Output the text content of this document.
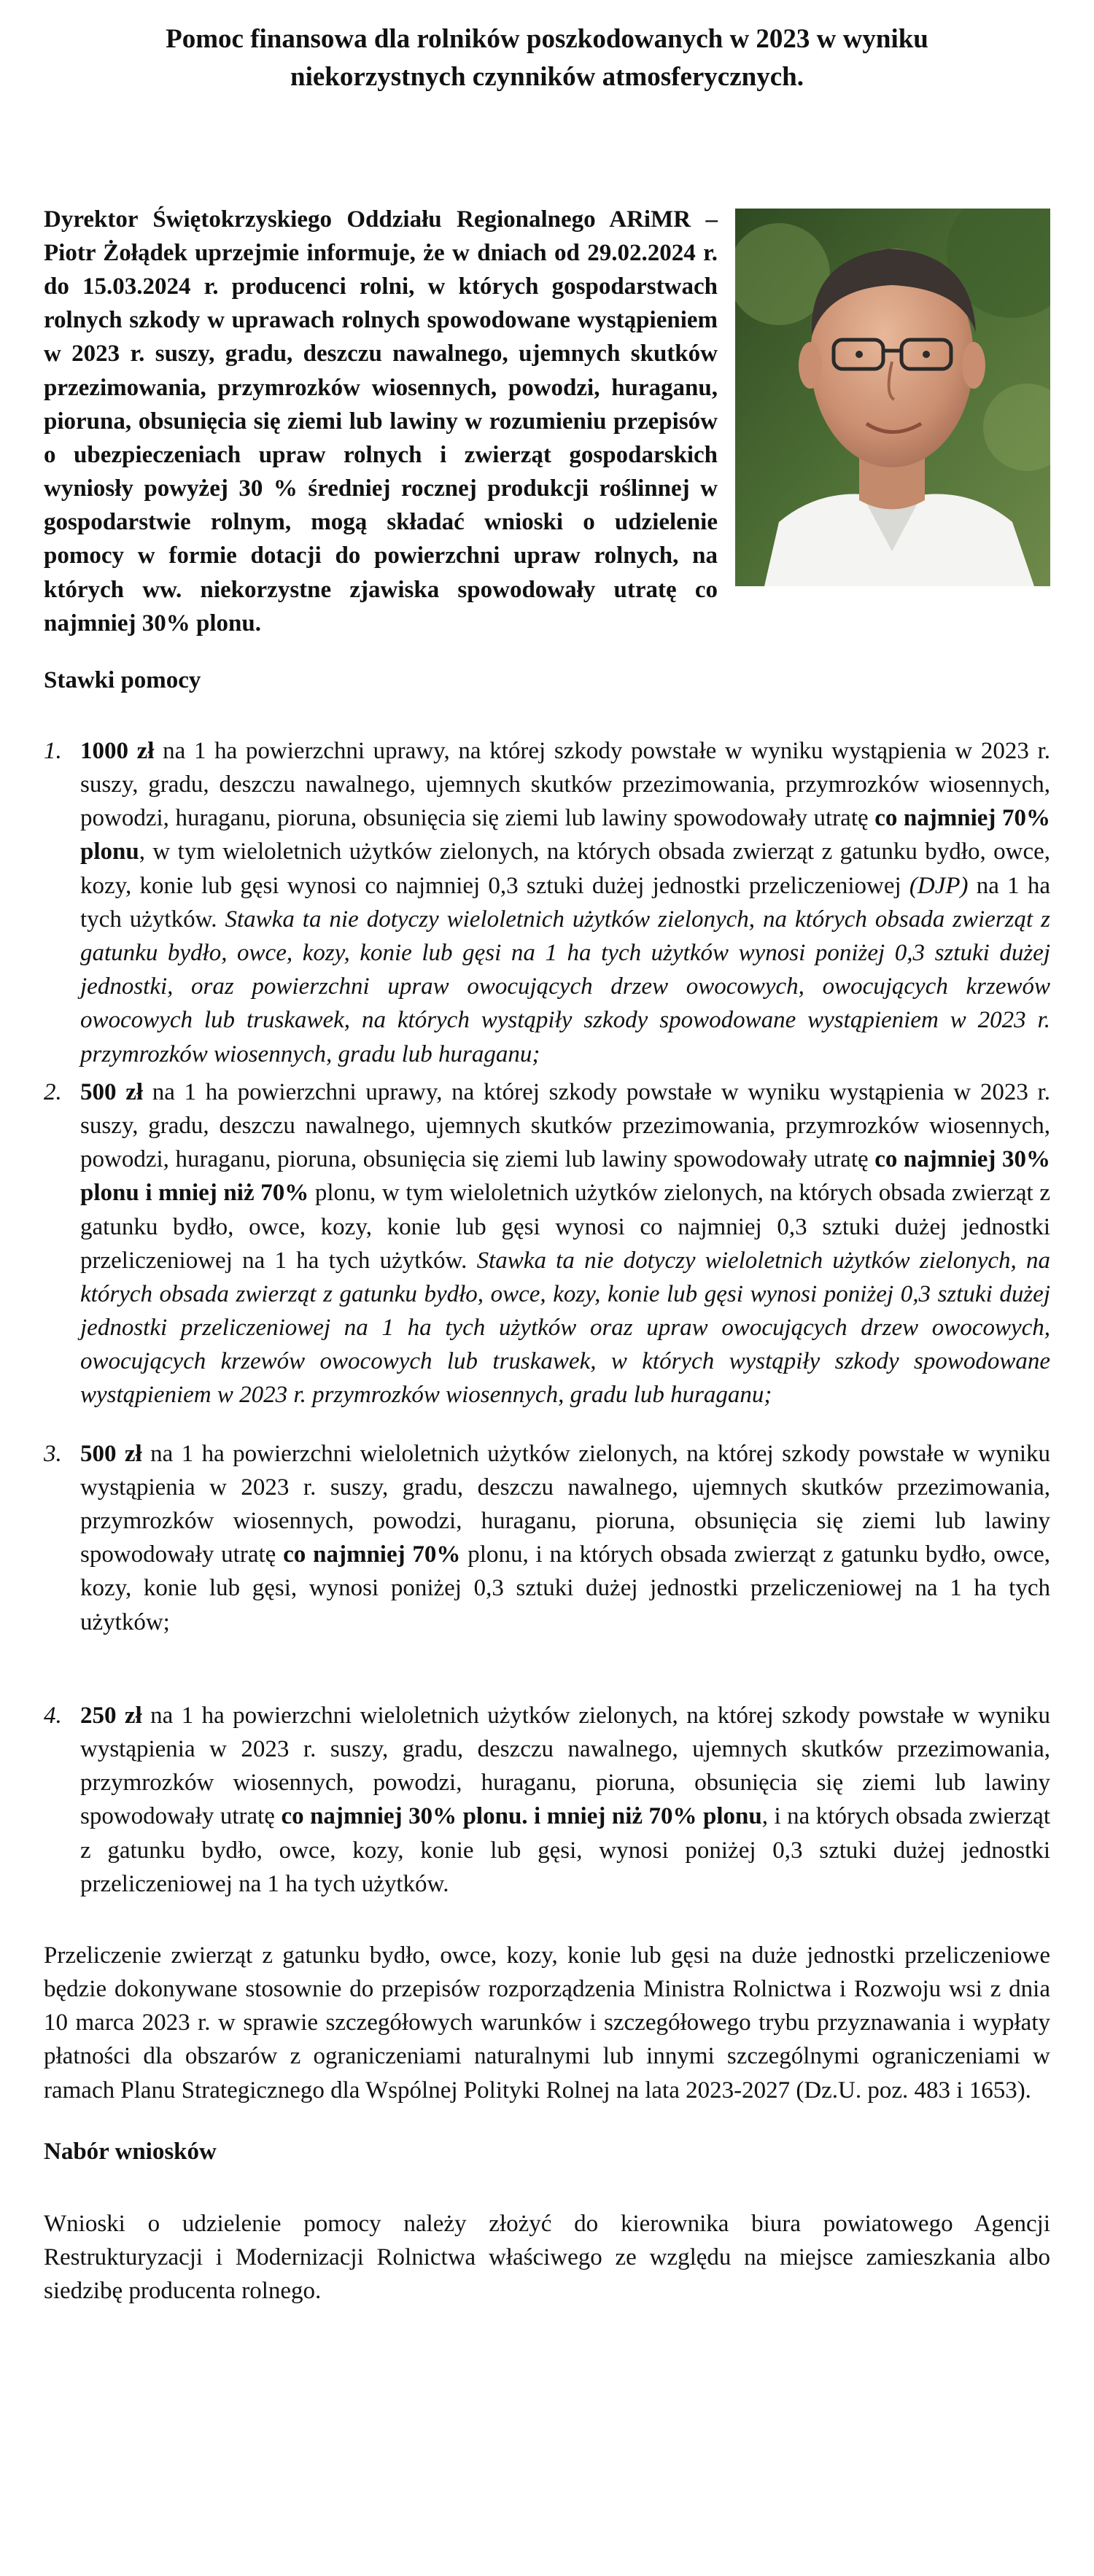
Pomoc finansowa dla rolników poszkodowanych w 2023 w wyniku niekorzystnych czynników atmosferycznych.

Dyrektor Świętokrzyskiego Oddziału Regionalnego ARiMR – Piotr Żołądek uprzejmie informuje, że w dniach od 29.02.2024 r. do 15.03.2024 r. producenci rolni, w których gospodarstwach rolnych szkody w uprawach rolnych spowodowane wystąpieniem w 2023 r. suszy, gradu, deszczu nawalnego, ujemnych skutków przezimowania, przymrozków wiosennych, powodzi, huraganu, pioruna, obsunięcia się ziemi lub lawiny w rozumieniu przepisów o ubezpieczeniach upraw rolnych i zwierząt gospodarskich wyniosły powyżej 30 % średniej rocznej produkcji roślinnej w gospodarstwie rolnym, mogą składać wnioski o udzielenie pomocy w formie dotacji do powierzchni upraw rolnych, na których ww. niekorzystne zjawiska spowodowały utratę co najmniej 30% plonu.

Stawki pomocy
1. 1000 zł na 1 ha powierzchni uprawy, na której szkody powstałe w wyniku wystąpienia w 2023 r. suszy, gradu, deszczu nawalnego, ujemnych skutków przezimowania, przymrozków wiosennych, powodzi, huraganu, pioruna, obsunięcia się ziemi lub lawiny spowodowały utratę co najmniej 70% plonu, w tym wieloletnich użytków zielonych, na których obsada zwierząt z gatunku bydło, owce, kozy, konie lub gęsi wynosi co najmniej 0,3 sztuki dużej jednostki przeliczeniowej (DJP) na 1 ha tych użytków. Stawka ta nie dotyczy wieloletnich użytków zielonych, na których obsada zwierząt z gatunku bydło, owce, kozy, konie lub gęsi na 1 ha tych użytków wynosi poniżej 0,3 sztuki dużej jednostki, oraz powierzchni upraw owocujących drzew owocowych, owocujących krzewów owocowych lub truskawek, na których wystąpiły szkody spowodowane wystąpieniem w 2023 r. przymrozków wiosennych, gradu lub huraganu;
2. 500 zł na 1 ha powierzchni uprawy, na której szkody powstałe w wyniku wystąpienia w 2023 r. suszy, gradu, deszczu nawalnego, ujemnych skutków przezimowania, przymrozków wiosennych, powodzi, huraganu, pioruna, obsunięcia się ziemi lub lawiny spowodowały utratę co najmniej 30% plonu i mniej niż 70% plonu, w tym wieloletnich użytków zielonych, na których obsada zwierząt z gatunku bydło, owce, kozy, konie lub gęsi wynosi co najmniej 0,3 sztuki dużej jednostki przeliczeniowej na 1 ha tych użytków. Stawka ta nie dotyczy wieloletnich użytków zielonych, na których obsada zwierząt z gatunku bydło, owce, kozy, konie lub gęsi wynosi poniżej 0,3 sztuki dużej jednostki przeliczeniowej na 1 ha tych użytków oraz upraw owocujących drzew owocowych, owocujących krzewów owocowych lub truskawek, w których wystąpiły szkody spowodowane wystąpieniem w 2023 r. przymrozków wiosennych, gradu lub huraganu;
3. 500 zł na 1 ha powierzchni wieloletnich użytków zielonych, na której szkody powstałe w wyniku wystąpienia w 2023 r. suszy, gradu, deszczu nawalnego, ujemnych skutków przezimowania, przymrozków wiosennych, powodzi, huraganu, pioruna, obsunięcia się ziemi lub lawiny spowodowały utratę co najmniej 70% plonu, i na których obsada zwierząt z gatunku bydło, owce, kozy, konie lub gęsi, wynosi poniżej 0,3 sztuki dużej jednostki przeliczeniowej na 1 ha tych użytków;
4. 250 zł na 1 ha powierzchni wieloletnich użytków zielonych, na której szkody powstałe w wyniku wystąpienia w 2023 r. suszy, gradu, deszczu nawalnego, ujemnych skutków przezimowania, przymrozków wiosennych, powodzi, huraganu, pioruna, obsunięcia się ziemi lub lawiny spowodowały utratę co najmniej 30% plonu. i mniej niż 70% plonu, i na których obsada zwierząt z gatunku bydło, owce, kozy, konie lub gęsi, wynosi poniżej 0,3 sztuki dużej jednostki przeliczeniowej na 1 ha tych użytków.

Przeliczenie zwierząt z gatunku bydło, owce, kozy, konie lub gęsi na duże jednostki przeliczeniowe będzie dokonywane stosownie do przepisów rozporządzenia Ministra Rolnictwa i Rozwoju wsi z dnia 10 marca 2023 r. w sprawie szczegółowych warunków i szczegółowego trybu przyznawania i wypłaty płatności dla obszarów z ograniczeniami naturalnymi lub innymi szczególnymi ograniczeniami w ramach Planu Strategicznego dla Wspólnej Polityki Rolnej na lata 2023-2027 (Dz.U. poz. 483 i 1653).

Nabór wniosków

Wnioski o udzielenie pomocy należy złożyć do kierownika biura powiatowego Agencji Restrukturyzacji i Modernizacji Rolnictwa właściwego ze względu na miejsce zamieszkania albo siedzibę producenta rolnego.
